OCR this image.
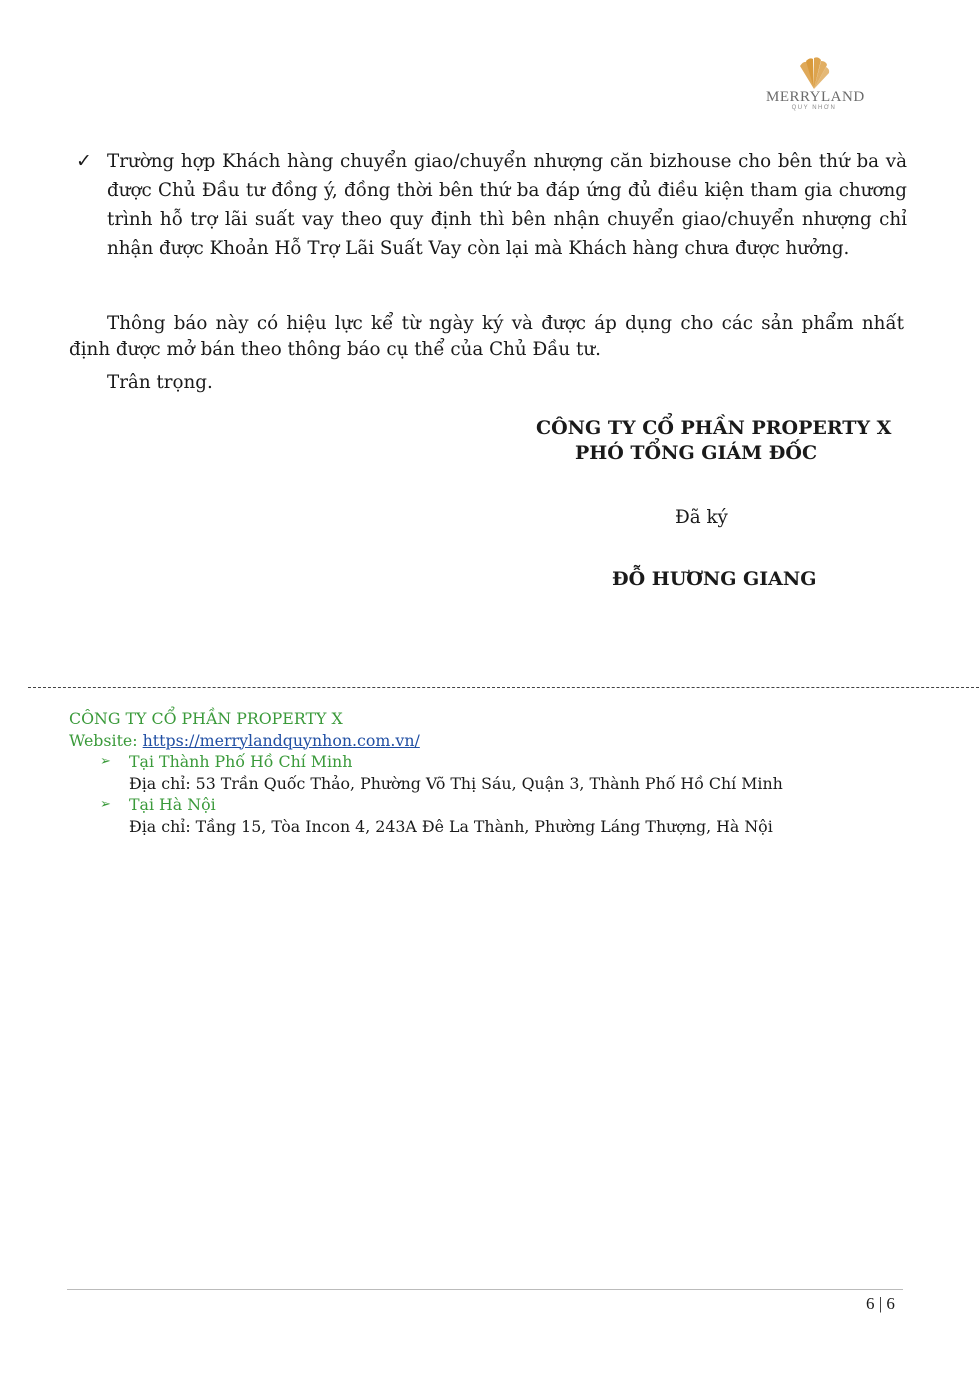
MERRYLAND
QUY NHƠN
✓ Trường hợp Khách hàng chuyển giao/chuyển nhượng căn bizhouse cho bên thứ ba và được Chủ Đầu tư đồng ý, đồng thời bên thứ ba đáp ứng đủ điều kiện tham gia chương trình hỗ trợ lãi suất vay theo quy định thì bên nhận chuyển giao/chuyển nhượng chỉ nhận được Khoản Hỗ Trợ Lãi Suất Vay còn lại mà Khách hàng chưa được hưởng.
Thông báo này có hiệu lực kể từ ngày ký và được áp dụng cho các sản phẩm nhất định được mở bán theo thông báo cụ thể của Chủ Đầu tư.
Trân trọng.
CÔNG TY CỔ PHẦN PROPERTY X
PHÓ TỔNG GIÁM ĐỐC
Đã ký
ĐỖ HƯƠNG GIANG
CÔNG TY CỔ PHẦN PROPERTY X
Website: https://merrylandquynhon.com.vn/
➢ Tại Thành Phố Hồ Chí Minh
Địa chỉ: 53 Trần Quốc Thảo, Phường Võ Thị Sáu, Quận 3, Thành Phố Hồ Chí Minh
➢ Tại Hà Nội
Địa chỉ: Tầng 15, Tòa Incon 4, 243A Đê La Thành, Phường Láng Thượng, Hà Nội
6 | 6
